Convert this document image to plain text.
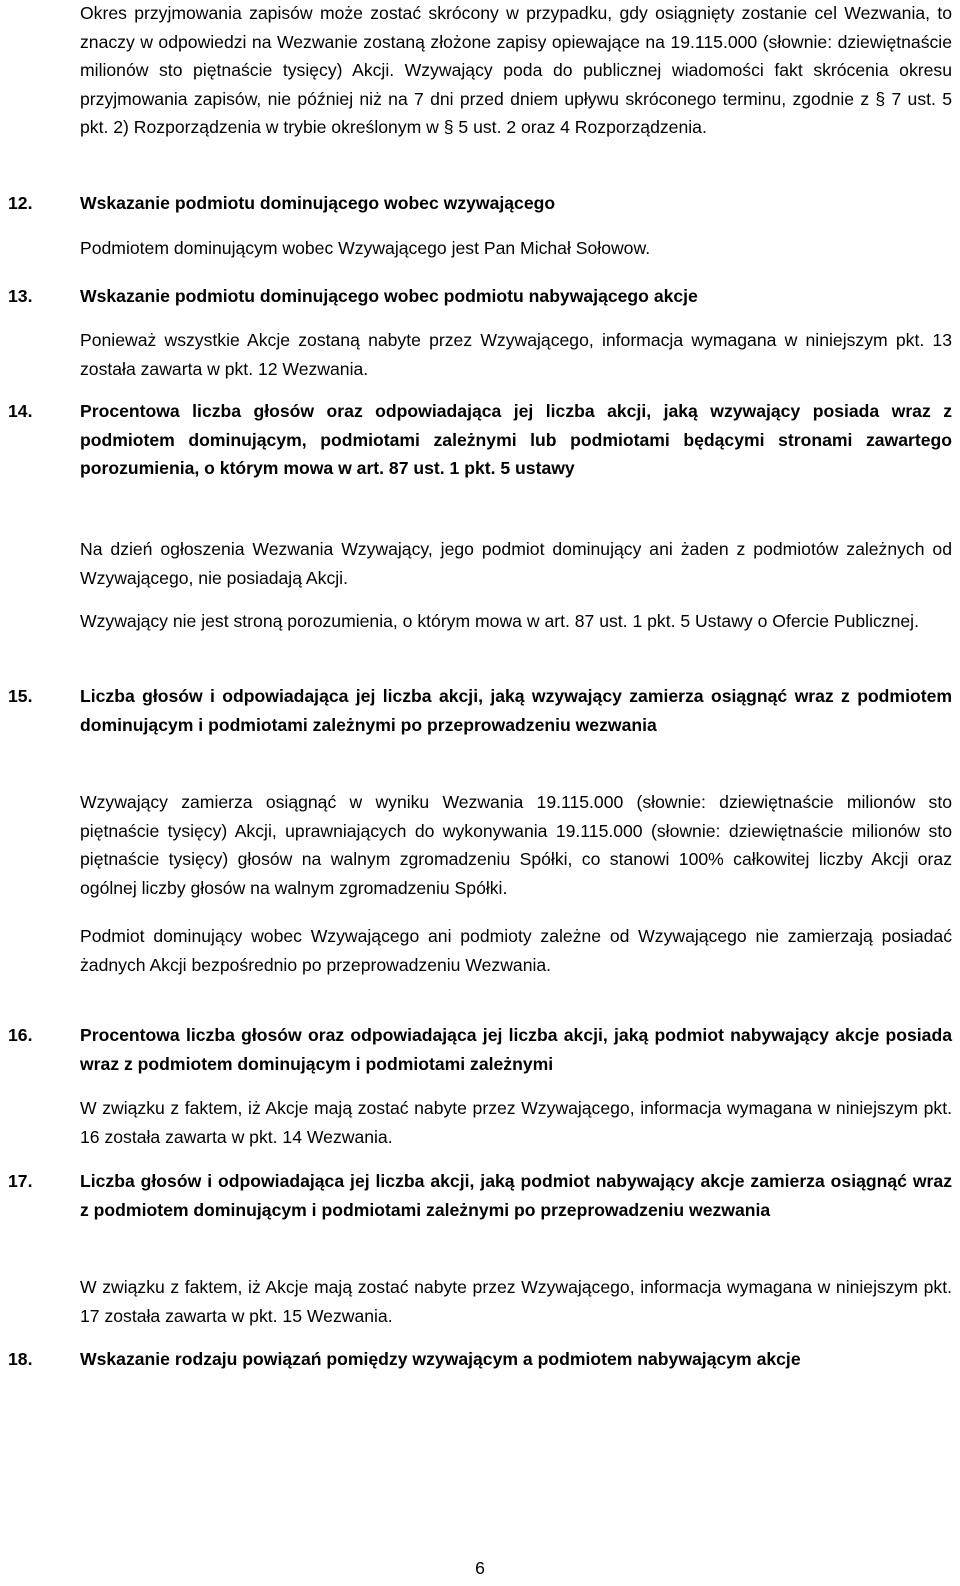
Okres przyjmowania zapisów może zostać skrócony w przypadku, gdy osiągnięty zostanie cel Wezwania, to znaczy w odpowiedzi na Wezwanie zostaną złożone zapisy opiewające na 19.115.000 (słownie: dziewiętnaście milionów sto piętnaście tysięcy) Akcji. Wzywający poda do publicznej wiadomości fakt skrócenia okresu przyjmowania zapisów, nie później niż na 7 dni przed dniem upływu skróconego terminu, zgodnie z § 7 ust. 5 pkt. 2) Rozporządzenia w trybie określonym w § 5 ust. 2 oraz 4 Rozporządzenia.

12.	Wskazanie podmiotu dominującego wobec wzywającego

Podmiotem dominującym wobec Wzywającego jest Pan Michał Sołowow.

13.	Wskazanie podmiotu dominującego wobec podmiotu nabywającego akcje

Ponieważ wszystkie Akcje zostaną nabyte przez Wzywającego, informacja wymagana w niniejszym pkt. 13 została zawarta w pkt. 12 Wezwania.

14.	Procentowa liczba głosów oraz odpowiadająca jej liczba akcji, jaką wzywający posiada wraz z podmiotem dominującym, podmiotami zależnymi lub podmiotami będącymi stronami zawartego porozumienia, o którym mowa w art. 87 ust. 1 pkt. 5 ustawy

Na dzień ogłoszenia Wezwania Wzywający, jego podmiot dominujący ani żaden z podmiotów zależnych od Wzywającego, nie posiadają Akcji.

Wzywający nie jest stroną porozumienia, o którym mowa w art. 87 ust. 1 pkt. 5 Ustawy o Ofercie Publicznej.

15.	Liczba głosów i odpowiadająca jej liczba akcji, jaką wzywający zamierza osiągnąć wraz z podmiotem dominującym i podmiotami zależnymi po przeprowadzeniu wezwania

Wzywający zamierza osiągnąć w wyniku Wezwania 19.115.000 (słownie: dziewiętnaście milionów sto piętnaście tysięcy) Akcji, uprawniających do wykonywania 19.115.000 (słownie: dziewiętnaście milionów sto piętnaście tysięcy) głosów na walnym zgromadzeniu Spółki, co stanowi 100% całkowitej liczby Akcji oraz ogólnej liczby głosów na walnym zgromadzeniu Spółki.

Podmiot dominujący wobec Wzywającego ani podmioty zależne od Wzywającego nie zamierzają posiadać żadnych Akcji bezpośrednio po przeprowadzeniu Wezwania.

16.	Procentowa liczba głosów oraz odpowiadająca jej liczba akcji, jaką podmiot nabywający akcje posiada wraz z podmiotem dominującym i podmiotami zależnymi

W związku z faktem, iż Akcje mają zostać nabyte przez Wzywającego, informacja wymagana w niniejszym pkt. 16 została zawarta w pkt. 14 Wezwania.

17.	Liczba głosów i odpowiadająca jej liczba akcji, jaką podmiot nabywający akcje zamierza osiągnąć wraz z podmiotem dominującym i podmiotami zależnymi po przeprowadzeniu wezwania

W związku z faktem, iż Akcje mają zostać nabyte przez Wzywającego, informacja wymagana w niniejszym pkt. 17 została zawarta w pkt. 15 Wezwania.

18.	Wskazanie rodzaju powiązań pomiędzy wzywającym a podmiotem nabywającym akcje

6
